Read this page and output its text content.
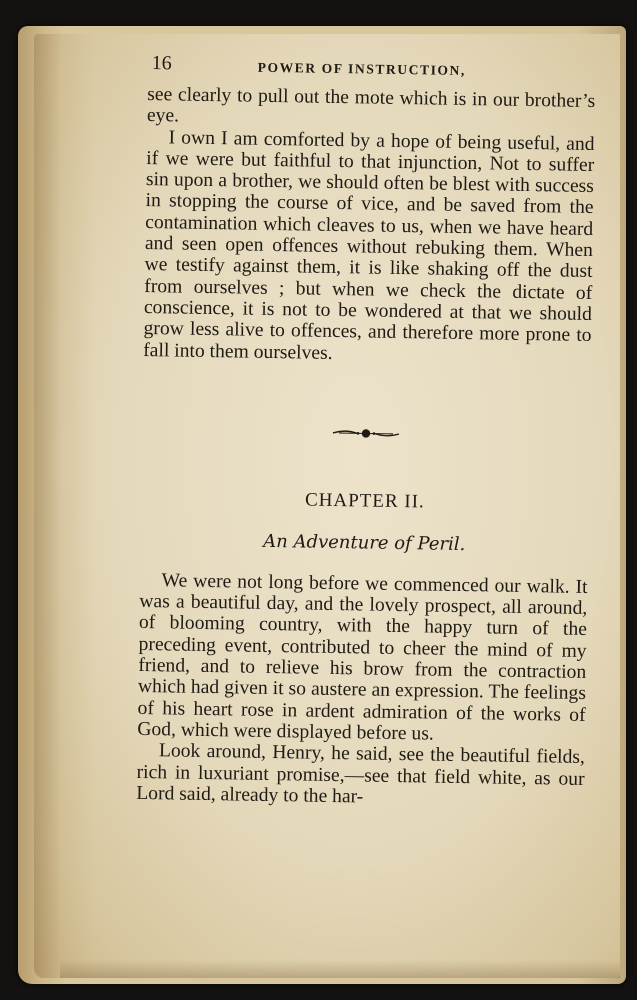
16	POWER OF INSTRUCTION,

see clearly to pull out the mote which is in our brother’s eye.

I own I am comforted by a hope of being useful, and if we were but faithful to that injunction, Not to suffer sin upon a brother, we should often be blest with success in stopping the course of vice, and be saved from the contamination which cleaves to us, when we have heard and seen open offences without rebuking them. When we testify against them, it is like shaking off the dust from ourselves ; but when we check the dictate of conscience, it is not to be wondered at that we should grow less alive to offences, and therefore more prone to fall into them ourselves.

CHAPTER II.
An Adventure of Peril.

We were not long before we commenced our walk. It was a beautiful day, and the lovely prospect, all around, of blooming country, with the happy turn of the preceding event, contributed to cheer the mind of my friend, and to relieve his brow from the contraction which had given it so austere an expression. The feelings of his heart rose in ardent admiration of the works of God, which were displayed before us.

Look around, Henry, he said, see the beautiful fields, rich in luxuriant promise,—see that field white, as our Lord said, already to the har-
